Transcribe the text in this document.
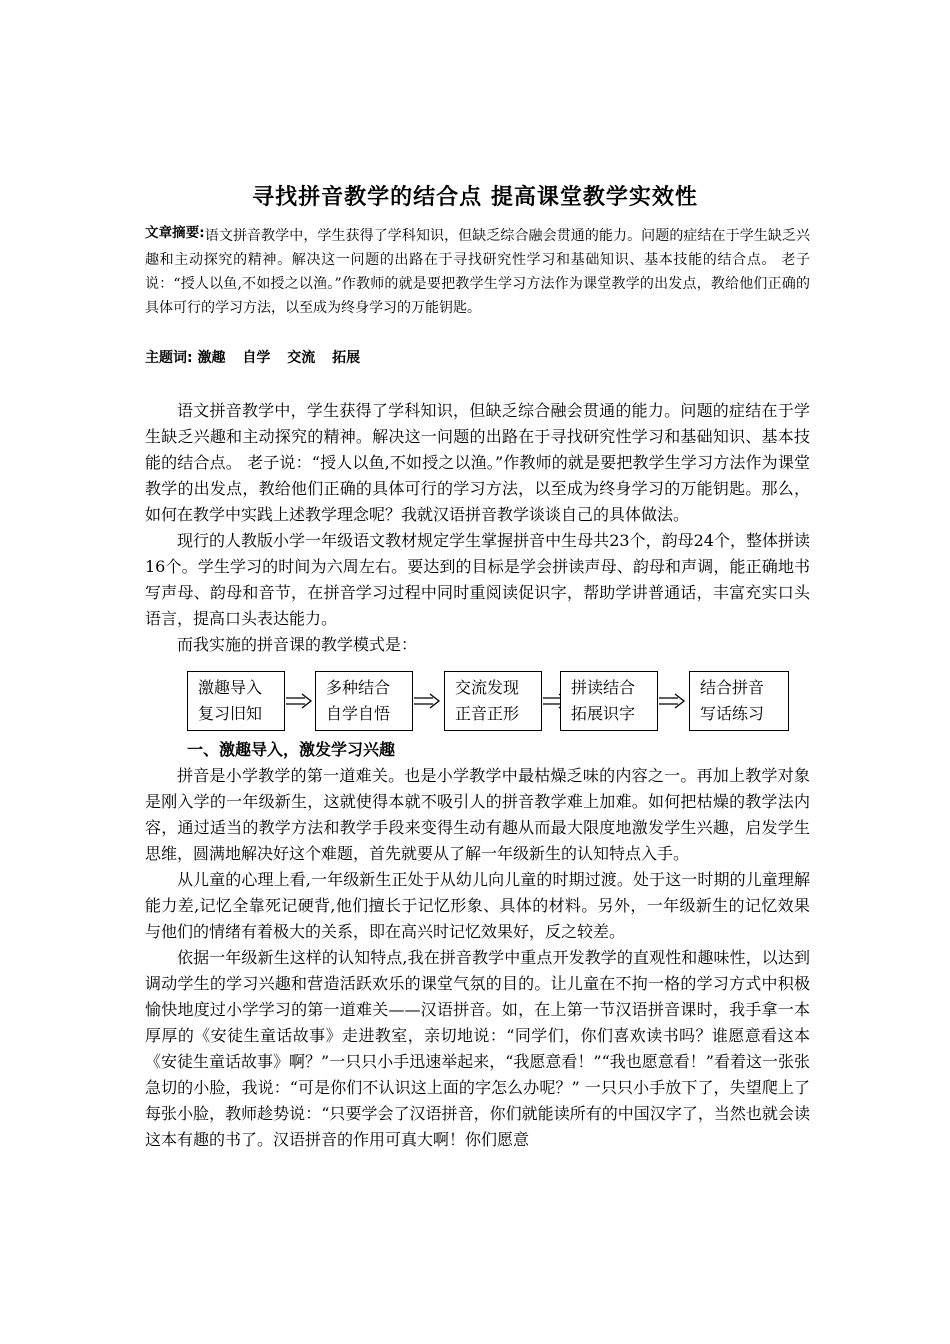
寻找拼音教学的结合点 提高课堂教学实效性
文章摘要:语文拼音教学中，学生获得了学科知识，但缺乏综合融会贯通的能力。问题的症结在于学生缺乏兴趣和主动探究的精神。解决这一问题的出路在于寻找研究性学习和基础知识、基本技能的结合点。 老子说：“授人以鱼,不如授之以渔。”作教师的就是要把教学生学习方法作为课堂教学的出发点，教给他们正确的具体可行的学习方法，以至成为终身学习的万能钥匙。
主题词: 激趣 自学 交流 拓展

语文拼音教学中，学生获得了学科知识，但缺乏综合融会贯通的能力。问题的症结在于学生缺乏兴趣和主动探究的精神。解决这一问题的出路在于寻找研究性学习和基础知识、基本技能的结合点。 老子说：“授人以鱼,不如授之以渔。”作教师的就是要把教学生学习方法作为课堂教学的出发点，教给他们正确的具体可行的学习方法，以至成为终身学习的万能钥匙。那么，如何在教学中实践上述教学理念呢？我就汉语拼音教学谈谈自己的具体做法。

现行的人教版小学一年级语文教材规定学生掌握拼音中生母共23个，韵母24个，整体拼读16个。学生学习的时间为六周左右。要达到的目标是学会拼读声母、韵母和声调，能正确地书写声母、韵母和音节，在拼音学习过程中同时重阅读促识字，帮助学讲普通话，丰富充实口头语言，提高口头表达能力。

而我实施的拼音课的教学模式是：

激趣导入
复习旧知
多种结合
自学自悟
交流发现
正音正形
拼读结合
拓展识字
结合拼音
写话练习
一、激趣导入，激发学习兴趣

拼音是小学教学的第一道难关。也是小学教学中最枯燥乏味的内容之一。再加上教学对象是刚入学的一年级新生，这就使得本就不吸引人的拼音教学难上加难。如何把枯燥的教学法内容，通过适当的教学方法和教学手段来变得生动有趣从而最大限度地激发学生兴趣，启发学生思维，圆满地解决好这个难题，首先就要从了解一年级新生的认知特点入手。

从儿童的心理上看,一年级新生正处于从幼儿向儿童的时期过渡。处于这一时期的儿童理解能力差,记忆全靠死记硬背,他们擅长于记忆形象、具体的材料。另外，一年级新生的记忆效果与他们的情绪有着极大的关系，即在高兴时记忆效果好，反之较差。

依据一年级新生这样的认知特点,我在拼音教学中重点开发教学的直观性和趣味性，以达到调动学生的学习兴趣和营造活跃欢乐的课堂气氛的目的。让儿童在不拘一格的学习方式中积极愉快地度过小学学习的第一道难关——汉语拼音。如，在上第一节汉语拼音课时，我手拿一本厚厚的《安徒生童话故事》走进教室，亲切地说：“同学们，你们喜欢读书吗？谁愿意看这本《安徒生童话故事》啊？”一只只小手迅速举起来，“我愿意看！”“我也愿意看！”看着这一张张急切的小脸，我说：“可是你们不认识这上面的字怎么办呢？” 一只只小手放下了，失望爬上了每张小脸，教师趁势说：“只要学会了汉语拼音，你们就能读所有的中国汉字了，当然也就会读这本有趣的书了。汉语拼音的作用可真大啊！你们愿意
